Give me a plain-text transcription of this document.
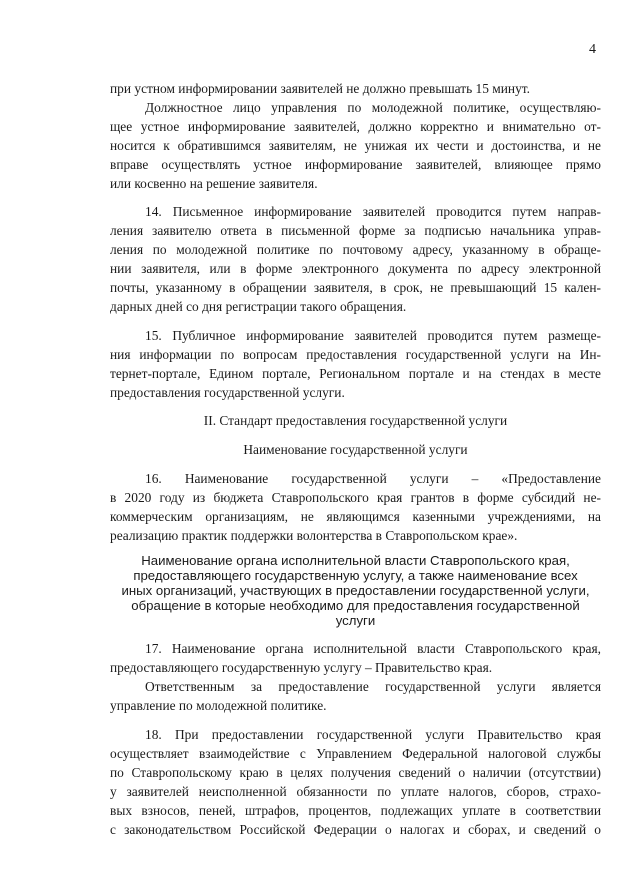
4
при устном информировании заявителей не должно превышать 15 минут.
Должностное лицо управления по молодежной политике, осуществляю-
щее устное информирование заявителей, должно корректно и внимательно от-
носится к обратившимся заявителям, не унижая их чести и достоинства, и не
вправе осуществлять устное информирование заявителей, влияющее прямо
или косвенно на решение заявителя.
14. Письменное информирование заявителей проводится путем направ-
ления заявителю ответа в письменной форме за подписью начальника управ-
ления по молодежной политике по почтовому адресу, указанному в обраще-
нии заявителя, или в форме электронного документа по адресу электронной
почты, указанному в обращении заявителя, в срок, не превышающий 15 кален-
дарных дней со дня регистрации такого обращения.
15. Публичное информирование заявителей проводится путем размеще-
ния информации по вопросам предоставления государственной услуги на Ин-
тернет-портале, Едином портале, Региональном портале и на стендах в месте
предоставления государственной услуги.
II. Стандарт предоставления государственной услуги
Наименование государственной услуги
16. Наименование государственной услуги – «Предоставление
в 2020 году из бюджета Ставропольского края грантов в форме субсидий не-
коммерческим организациям, не являющимся казенными учреждениями, на
реализацию практик поддержки волонтерства в Ставропольском крае».
Наименование органа исполнительной власти Ставропольского края,
предоставляющего государственную услугу, а также наименование всех
иных организаций, участвующих в предоставлении государственной услуги,
обращение в которые необходимо для предоставления государственной
услуги
17. Наименование органа исполнительной власти Ставропольского края,
предоставляющего государственную услугу – Правительство края.
Ответственным за предоставление государственной услуги является
управление по молодежной политике.
18. При предоставлении государственной услуги Правительство края
осуществляет взаимодействие с Управлением Федеральной налоговой службы
по Ставропольскому краю в целях получения сведений о наличии (отсутствии)
у заявителей неисполненной обязанности по уплате налогов, сборов, страхо-
вых взносов, пеней, штрафов, процентов, подлежащих уплате в соответствии
с законодательством Российской Федерации о налогах и сборах, и сведений о
